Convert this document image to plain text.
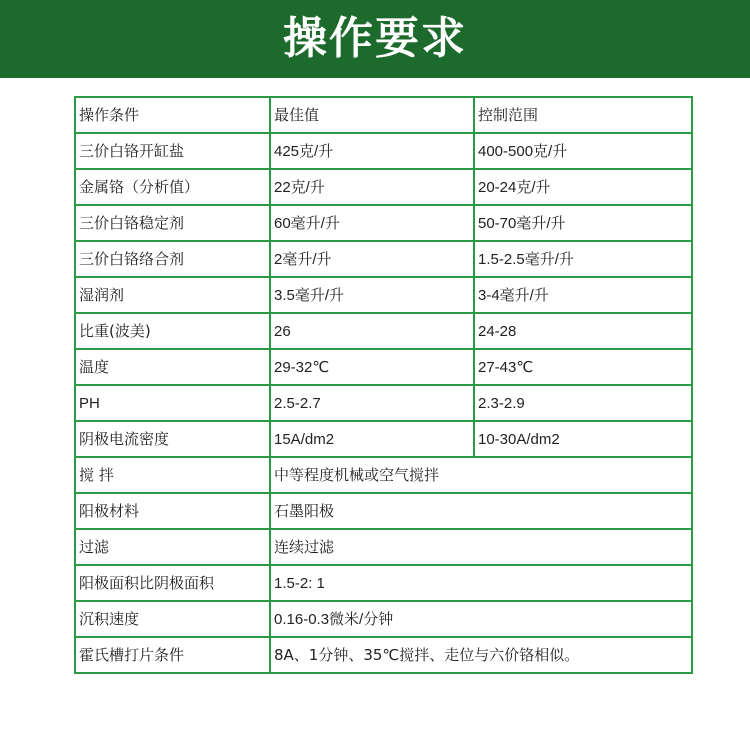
操作要求
操作条件	最佳值	控制范围
三价白铬开缸盐	425克/升	400-500克/升
金属铬（分析值）	22克/升	20-24克/升
三价白铬稳定剂	60毫升/升	50-70毫升/升
三价白铬络合剂	2毫升/升	1.5-2.5毫升/升
湿润剂	3.5毫升/升	3-4毫升/升
比重(波美)	26	24-28
温度	29-32℃	27-43℃
PH	2.5-2.7	2.3-2.9
阴极电流密度	15A/dm2	10-30A/dm2
搅 拌	中等程度机械或空气搅拌	
阳极材料	石墨阳极	
过滤	连续过滤	
阳极面积比阴极面积	1.5-2: 1	
沉积速度	0.16-0.3微米/分钟	
霍氏槽打片条件	8A、1分钟、35℃搅拌、走位与六价铬相似。	
